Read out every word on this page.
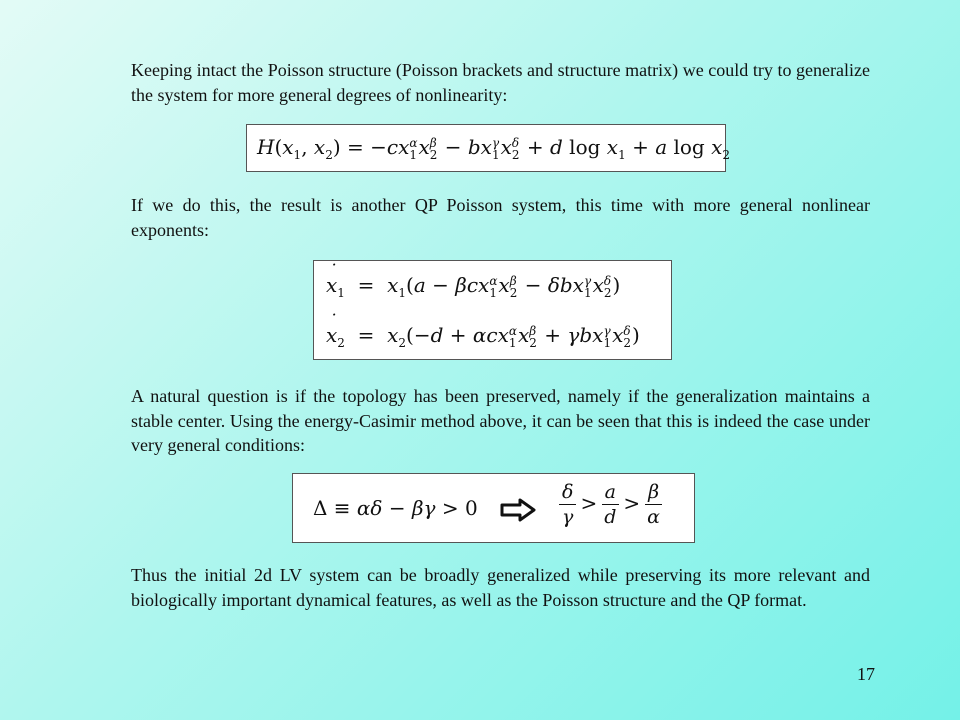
Keeping intact the Poisson structure (Poisson brackets and structure matrix) we could try to generalize the system for more general degrees of nonlinearity:
$H(x_1$, $x_2) = -cx$ α
1 x β
2 − bx γ
1 x δ
2 + d $\log x_1 + a$ $\log x_2$
If we do this, the result is another QP Poisson system, this time with more general nonlinear exponents:
˙ $x_1 = x_1(a - \beta cx$ α
1 x β
2 − δbx γ
1 x δ
2 )
˙ $x_2 = x_2(-d + \alpha cx$ α
1 x β
2 + γbx γ
1 x δ
2 )
A natural question is if the topology has been preserved, namely if the generalization maintains a stable center. Using the energy-Casimir method above, it can be seen that this is indeed the case under very general conditions:
Δ ≡ αδ − βγ > 0	$\frac{\delta}{\gamma} > \frac{a}{d} > \frac{\beta}{\alpha}$
Thus the initial 2d LV system can be broadly generalized while preserving its more relevant and biologically important dynamical features, as well as the Poisson structure and the QP format.
17
